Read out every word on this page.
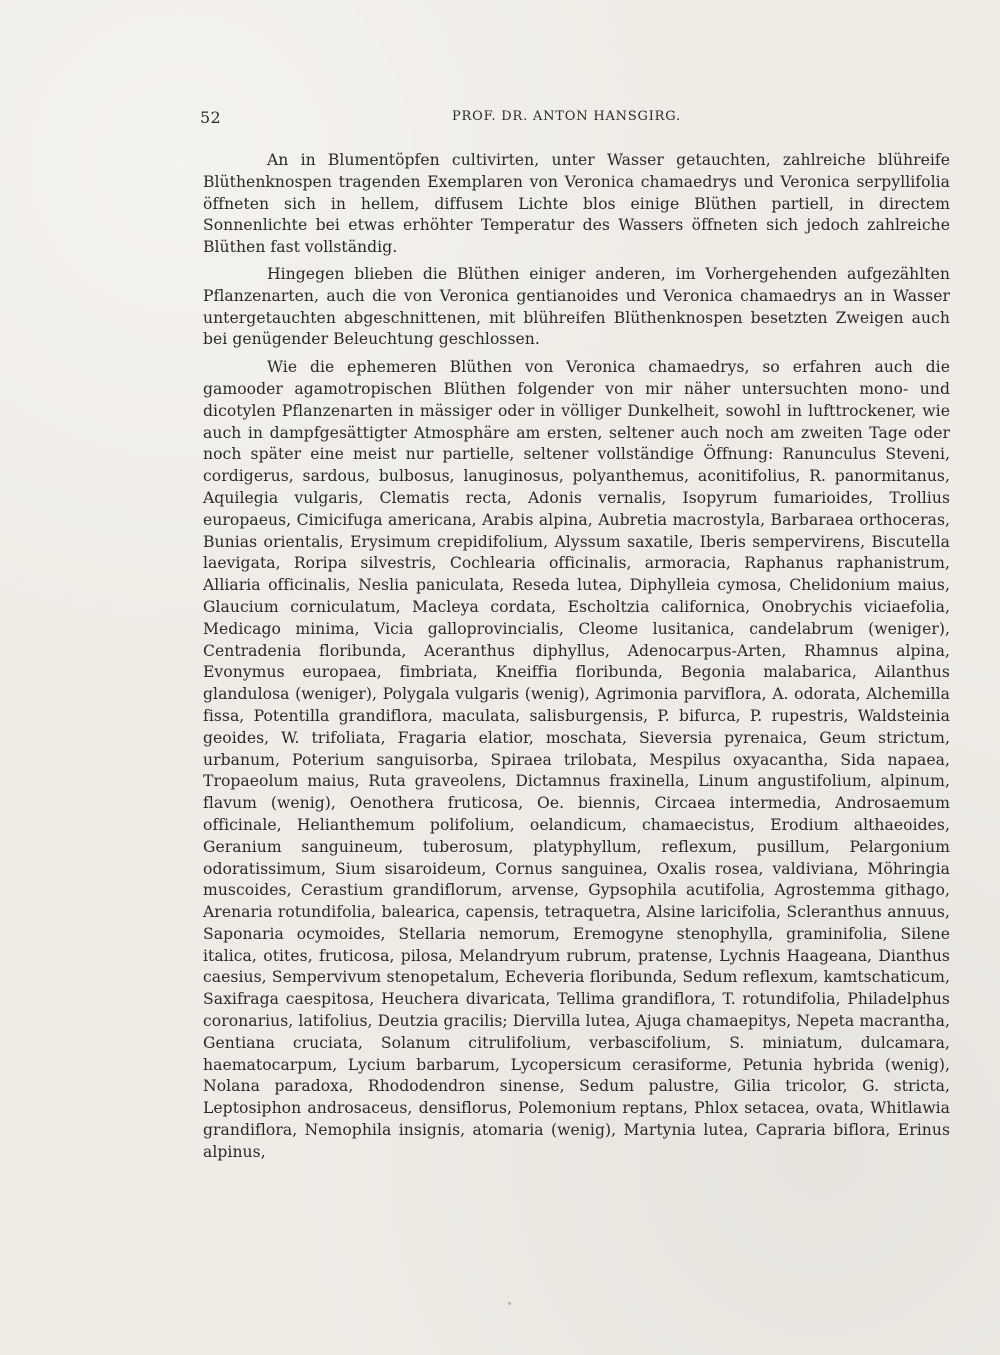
52	PROF. DR. ANTON HANSGIRG.

An in Blumentöpfen cultivirten, unter Wasser getauchten, zahlreiche blühreife Blüthenknospen tragenden Exemplaren von Veronica chamaedrys und Veronica serpyllifolia öffneten sich in hellem, diffusem Lichte blos einige Blüthen partiell, in directem Sonnenlichte bei etwas erhöhter Temperatur des Wassers öffneten sich jedoch zahlreiche Blüthen fast vollständig.

Hingegen blieben die Blüthen einiger anderen, im Vorhergehenden aufgezählten Pflanzenarten, auch die von Veronica gentianoides und Veronica chamaedrys an in Wasser untergetauchten abgeschnittenen, mit blühreifen Blüthenknospen besetzten Zweigen auch bei genügender Beleuchtung geschlossen.

Wie die ephemeren Blüthen von Veronica chamaedrys, so erfahren auch die gamooder agamotropischen Blüthen folgender von mir näher untersuchten mono- und dicotylen Pflanzenarten in mässiger oder in völliger Dunkelheit, sowohl in lufttrockener, wie auch in dampfgesättigter Atmosphäre am ersten, seltener auch noch am zweiten Tage oder noch später eine meist nur partielle, seltener vollständige Öffnung: Ranunculus Steveni, cordigerus, sardous, bulbosus, lanuginosus, polyanthemus, aconitifolius, R. panormitanus, Aquilegia vulgaris, Clematis recta, Adonis vernalis, Isopyrum fumarioides, Trollius europaeus, Cimicifuga americana, Arabis alpina, Aubretia macrostyla, Barbaraea orthoceras, Bunias orientalis, Erysimum crepidifolium, Alyssum saxatile, Iberis sempervirens, Biscutella laevigata, Roripa silvestris, Cochlearia officinalis, armoracia, Raphanus raphanistrum, Alliaria officinalis, Neslia paniculata, Reseda lutea, Diphylleia cymosa, Chelidonium maius, Glaucium corniculatum, Macleya cordata, Escholtzia californica, Onobrychis viciaefolia, Medicago minima, Vicia galloprovincialis, Cleome lusitanica, candelabrum (weniger), Centradenia floribunda, Aceranthus diphyllus, Adenocarpus-Arten, Rhamnus alpina, Evonymus europaea, fimbriata, Kneiffia floribunda, Begonia malabarica, Ailanthus glandulosa (weniger), Polygala vulgaris (wenig), Agrimonia parviflora, A. odorata, Alchemilla fissa, Potentilla grandiflora, maculata, salisburgensis, P. bifurca, P. rupestris, Waldsteinia geoides, W. trifoliata, Fragaria elatior, moschata, Sieversia pyrenaica, Geum strictum, urbanum, Poterium sanguisorba, Spiraea trilobata, Mespilus oxyacantha, Sida napaea, Tropaeolum maius, Ruta graveolens, Dictamnus fraxinella, Linum angustifolium, alpinum, flavum (wenig), Oenothera fruticosa, Oe. biennis, Circaea intermedia, Androsaemum officinale, Helianthemum polifolium, oelandicum, chamaecistus, Erodium althaeoides, Geranium sanguineum, tuberosum, platyphyllum, reflexum, pusillum, Pelargonium odoratissimum, Sium sisaroideum, Cornus sanguinea, Oxalis rosea, valdiviana, Möhringia muscoides, Cerastium grandiflorum, arvense, Gypsophila acutifolia, Agrostemma githago, Arenaria rotundifolia, balearica, capensis, tetraquetra, Alsine laricifolia, Scleranthus annuus, Saponaria ocymoides, Stellaria nemorum, Eremogyne stenophylla, graminifolia, Silene italica, otites, fruticosa, pilosa, Melandryum rubrum, pratense, Lychnis Haageana, Dianthus caesius, Sempervivum stenopetalum, Echeveria floribunda, Sedum reflexum, kamtschaticum, Saxifraga caespitosa, Heuchera divaricata, Tellima grandiflora, T. rotundifolia, Philadelphus coronarius, latifolius, Deutzia gracilis; Diervilla lutea, Ajuga chamaepitys, Nepeta macrantha, Gentiana cruciata, Solanum citrulifolium, verbascifolium, S. miniatum, dulcamara, haematocarpum, Lycium barbarum, Lycopersicum cerasiforme, Petunia hybrida (wenig), Nolana paradoxa, Rhododendron sinense, Sedum palustre, Gilia tricolor, G. stricta, Leptosiphon androsaceus, densiflorus, Polemonium reptans, Phlox setacea, ovata, Whitlawia grandiflora, Nemophila insignis, atomaria (wenig), Martynia lutea, Capraria biflora, Erinus alpinus,
